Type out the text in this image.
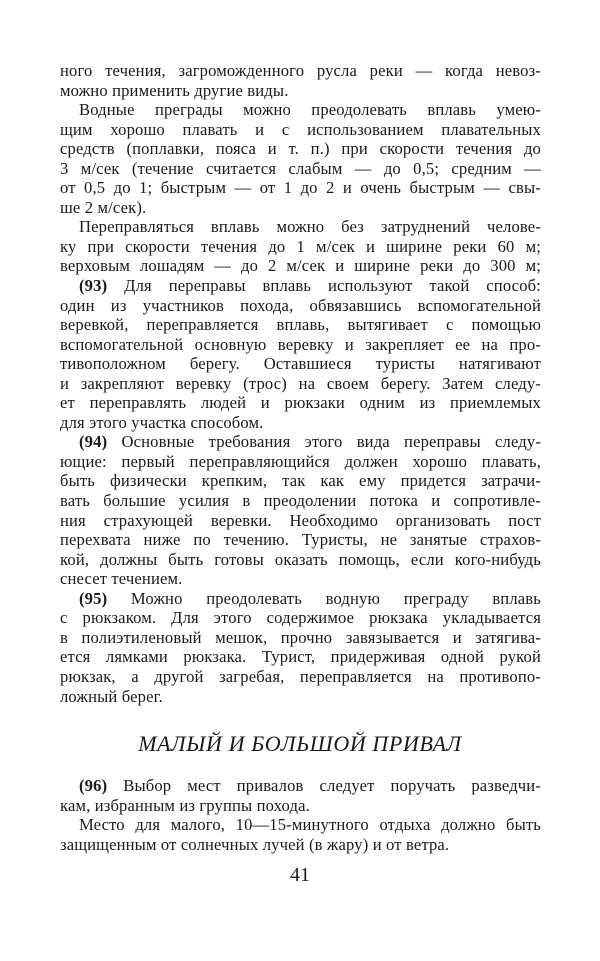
ного течения, загроможденного русла реки — когда невоз-
можно применить другие виды.
Водные преграды можно преодолевать вплавь умею-
щим хорошо плавать и с использованием плавательных
средств (поплавки, пояса и т. п.) при скорости течения до
3 м/сек (течение считается слабым — до 0,5; средним —
от 0,5 до 1; быстрым — от 1 до 2 и очень быстрым — свы-
ше 2 м/сек).
Переправляться вплавь можно без затруднений челове-
ку при скорости течения до 1 м/сек и ширине реки 60 м;
верховым лошадям — до 2 м/сек и ширине реки до 300 м;
(93) Для переправы вплавь используют такой способ:
один из участников похода, обвязавшись вспомогательной
веревкой, переправляется вплавь, вытягивает с помощью
вспомогательной основную веревку и закрепляет ее на про-
тивоположном берегу. Оставшиеся туристы натягивают
и закрепляют веревку (трос) на своем берегу. Затем следу-
ет переправлять людей и рюкзаки одним из приемлемых
для этого участка способом.
(94) Основные требования этого вида переправы следу-
ющие: первый переправляющийся должен хорошо плавать,
быть физически крепким, так как ему придется затрачи-
вать большие усилия в преодолении потока и сопротивле-
ния страхующей веревки. Необходимо организовать пост
перехвата ниже по течению. Туристы, не занятые страхов-
кой, должны быть готовы оказать помощь, если кого-нибудь
снесет течением.
(95) Можно преодолевать водную преграду вплавь
с рюкзаком. Для этого содержимое рюкзака укладывается
в полиэтиленовый мешок, прочно завязывается и затягива-
ется лямками рюкзака. Турист, придерживая одной рукой
рюкзак, а другой загребая, переправляется на противопо-
ложный берег.
МАЛЫЙ И БОЛЬШОЙ ПРИВАЛ
(96) Выбор мест привалов следует поручать разведчи-
кам, избранным из группы похода.
Место для малого, 10—15-минутного отдыха должно быть
защищенным от солнечных лучей (в жару) и от ветра.
41
